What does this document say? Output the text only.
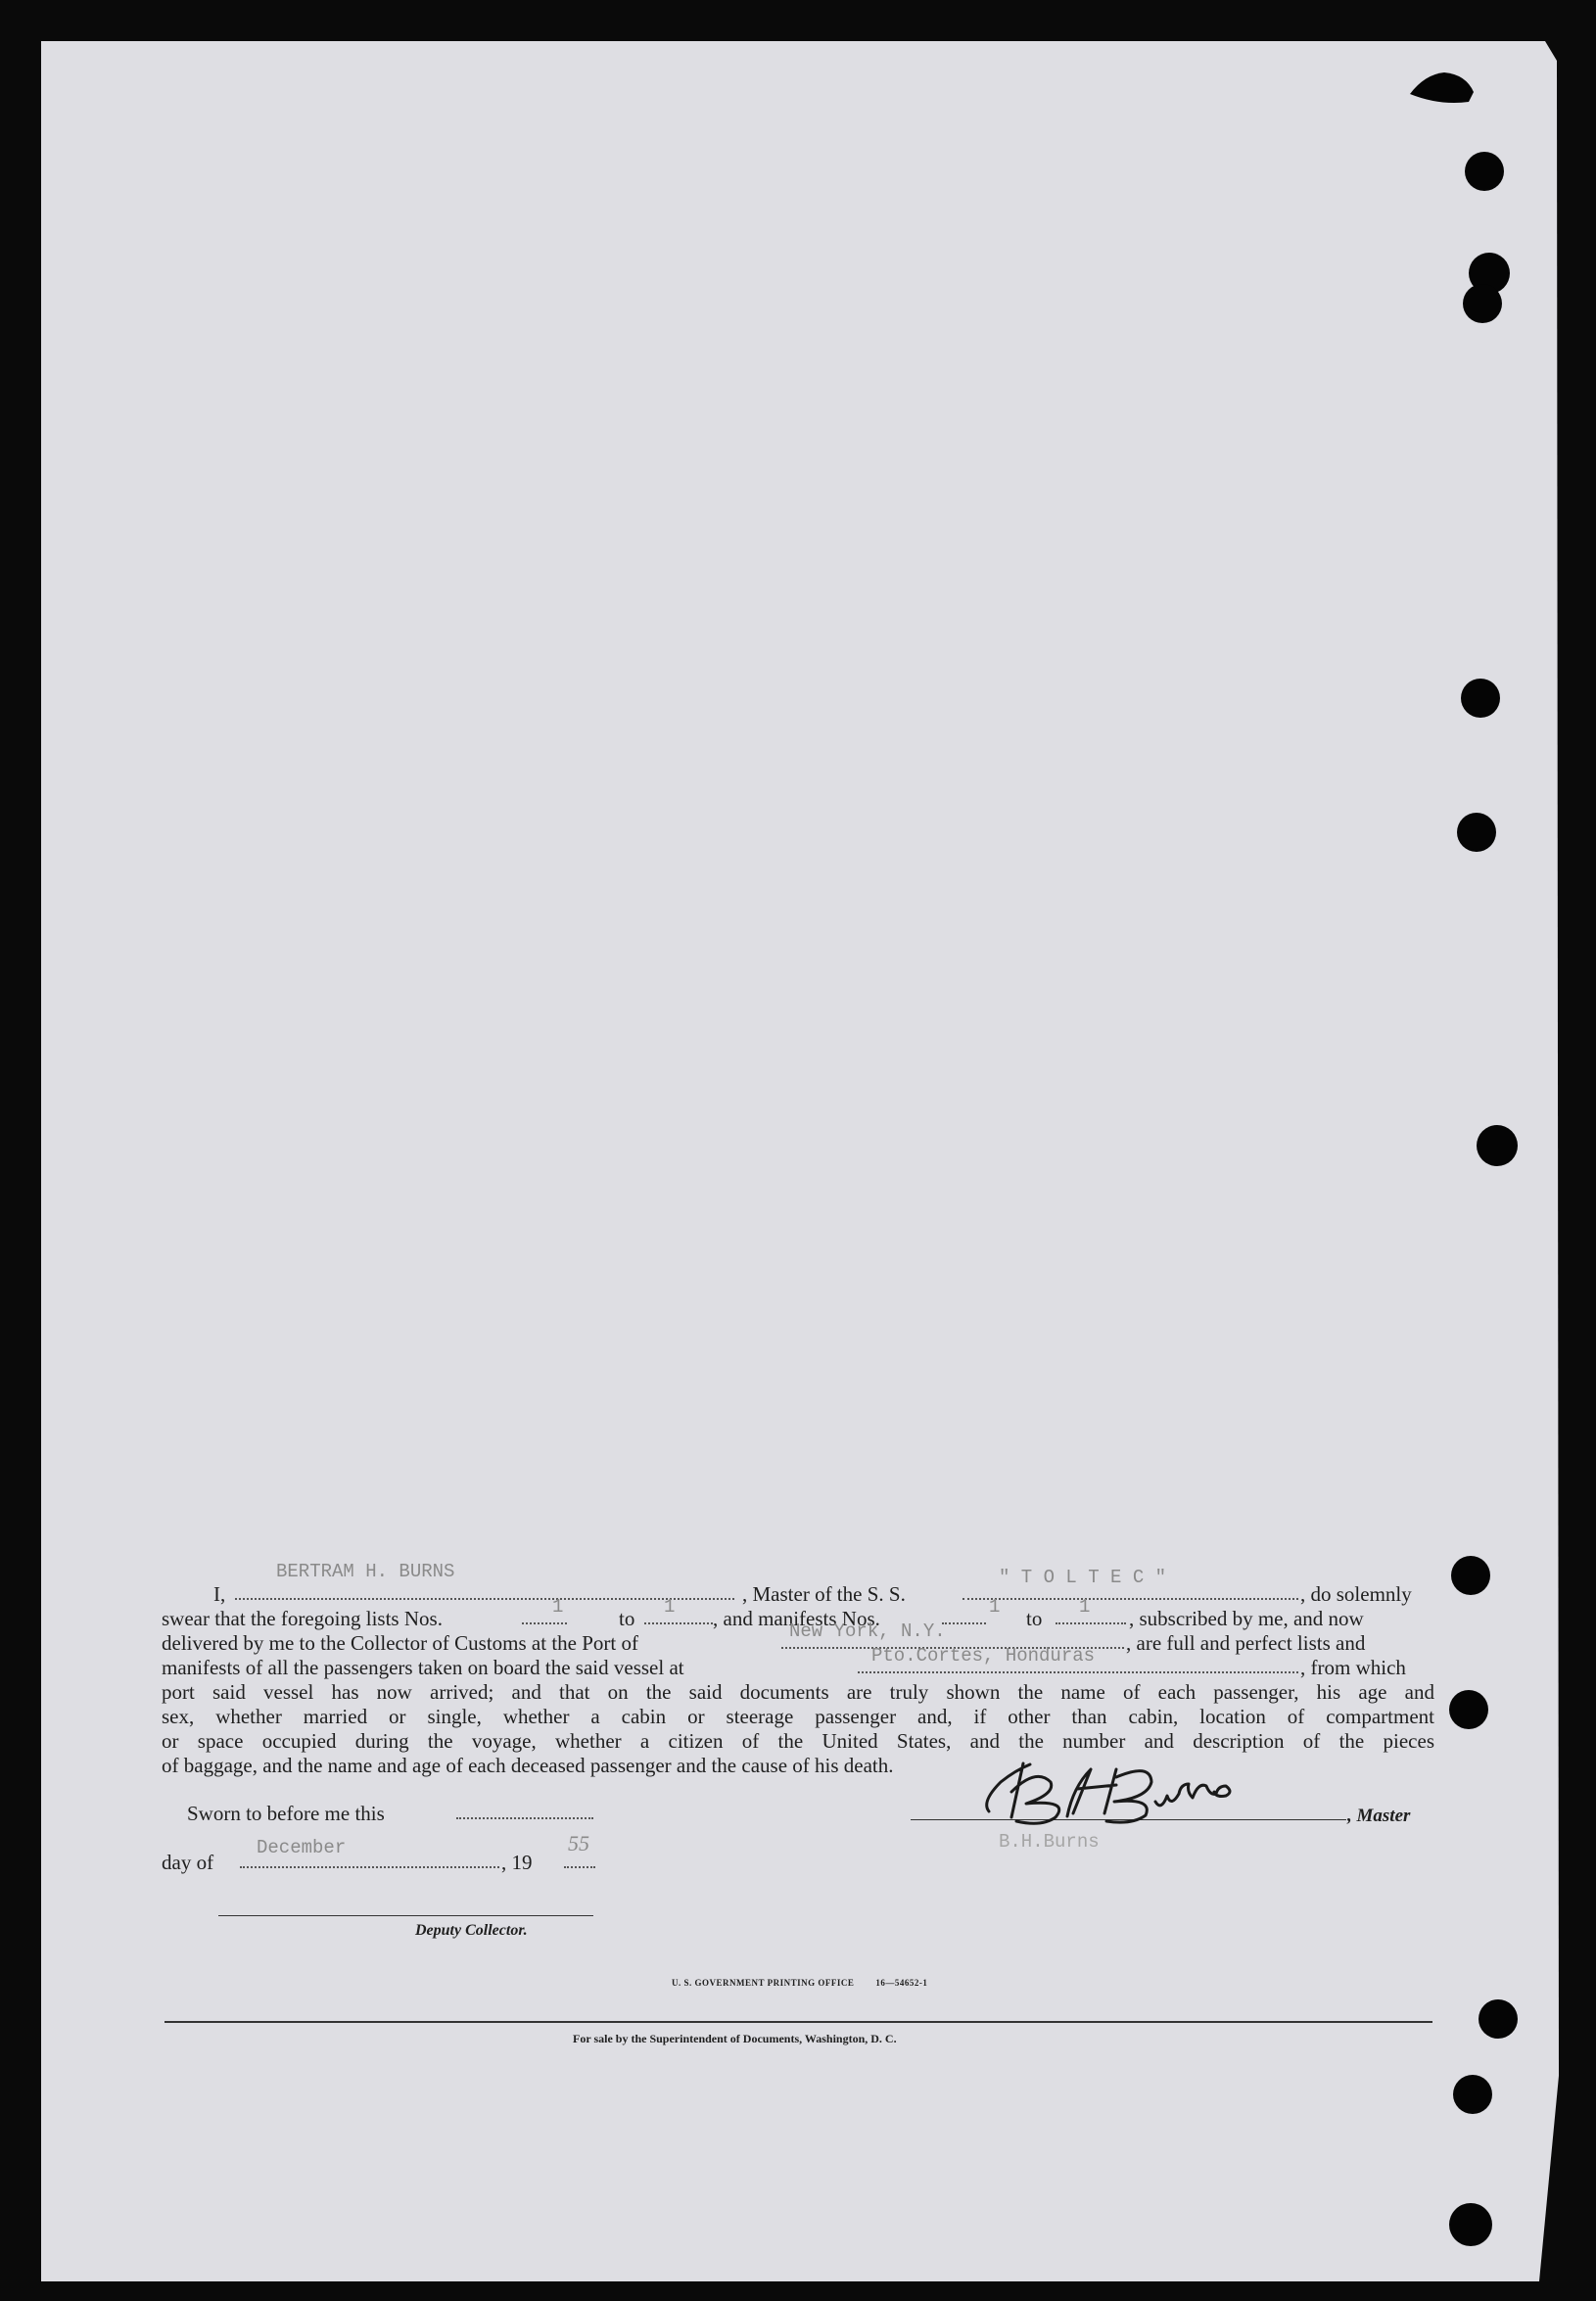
I,
BERTRAM H. BURNS
, Master of the S. S.
" T O L T E C "
, do solemnly
swear that the foregoing lists Nos.	1	to 1 , and manifests Nos.	1 to 1 , subscribed by me, and now
delivered by me to the Collector of Customs at the Port of	New York, N.Y.	, are full and perfect lists and
manifests of all the passengers taken on board the said vessel at	Pto.Cortes, Honduras	, from which
port said vessel has now arrived; and that on the said documents are truly shown the name of each passenger, his age and
sex, whether married or single, whether a cabin or steerage passenger and, if other than cabin, location of compartment
or space occupied during the voyage, whether a citizen of the United States, and the number and description of the pieces
of baggage, and the name and age of each deceased passenger and the cause of his death.
Sworn to before me this
day of
December
, 19
55
Deputy Collector.
, Master
B.H.Burns
U. S. GOVERNMENT PRINTING OFFICE        16—54652-1
For sale by the Superintendent of Documents, Washington, D. C.
